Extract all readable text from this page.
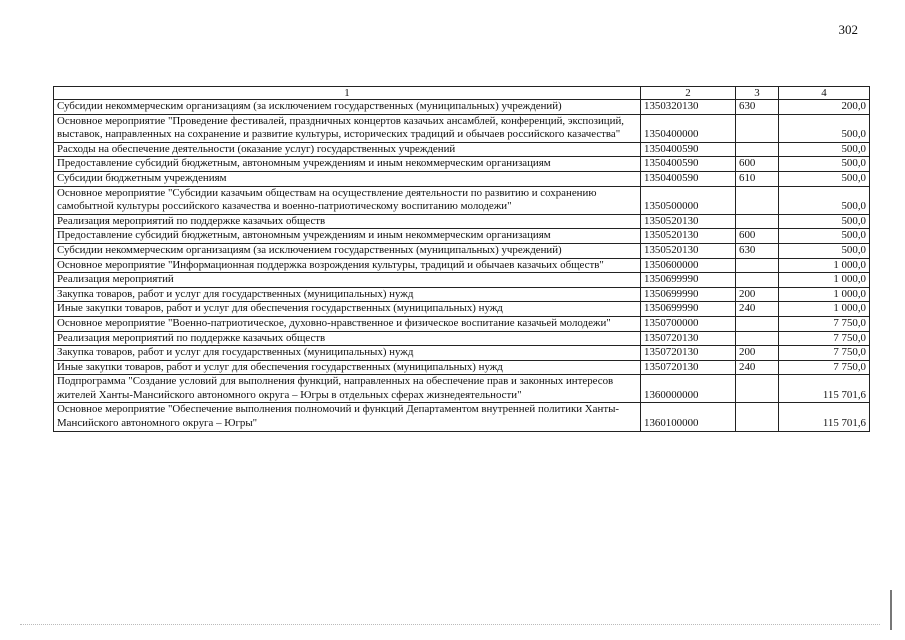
302
1	2	3	4
Субсидии некоммерческим организациям (за исключением государственных (муниципальных) учреждений)	1350320130	630	200,0
Основное мероприятие "Проведение фестивалей, праздничных концертов казачьих ансамблей, конференций, экспозиций, выставок, направленных на сохранение и развитие культуры, исторических традиций и обычаев российского казачества"	1350400000		500,0
Расходы на обеспечение деятельности (оказание услуг) государственных учреждений	1350400590		500,0
Предоставление субсидий бюджетным, автономным учреждениям и иным некоммерческим организациям	1350400590	600	500,0
Субсидии бюджетным учреждениям	1350400590	610	500,0
Основное мероприятие "Субсидии казачьим обществам на осуществление деятельности по развитию и сохранению самобытной культуры российского казачества и военно-патриотическому воспитанию молодежи"	1350500000		500,0
Реализация мероприятий по поддержке казачьих обществ	1350520130		500,0
Предоставление субсидий бюджетным, автономным учреждениям и иным некоммерческим организациям	1350520130	600	500,0
Субсидии некоммерческим организациям (за исключением государственных (муниципальных) учреждений)	1350520130	630	500,0
Основное мероприятие "Информационная поддержка возрождения культуры, традиций и обычаев казачьих обществ"	1350600000		1 000,0
Реализация мероприятий	1350699990		1 000,0
Закупка товаров, работ и услуг для государственных (муниципальных) нужд	1350699990	200	1 000,0
Иные закупки товаров, работ и услуг для обеспечения государственных (муниципальных) нужд	1350699990	240	1 000,0
Основное мероприятие "Военно-патриотическое, духовно-нравственное и физическое воспитание казачьей молодежи"	1350700000		7 750,0
Реализация мероприятий по поддержке казачьих обществ	1350720130		7 750,0
Закупка товаров, работ и услуг для государственных (муниципальных) нужд	1350720130	200	7 750,0
Иные закупки товаров, работ и услуг для обеспечения государственных (муниципальных) нужд	1350720130	240	7 750,0
Подпрограмма "Создание условий для выполнения функций, направленных на обеспечение прав и законных интересов жителей Ханты-Мансийского автономного округа – Югры в отдельных сферах жизнедеятельности"	1360000000		115 701,6
Основное мероприятие "Обеспечение выполнения полномочий и функций Департаментом внутренней политики Ханты-Мансийского автономного округа – Югры"	1360100000		115 701,6
